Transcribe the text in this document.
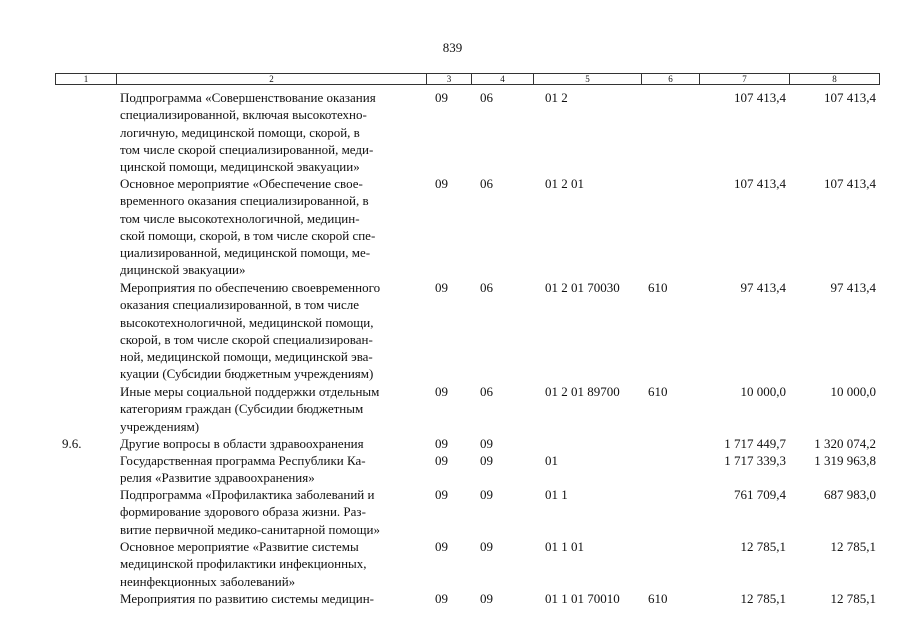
839
1	2	3	4	5	6	7	8
Подпрограмма «Совершенствование оказания
специализированной, включая высокотехно-
логичную, медицинской помощи, скорой, в
том числе скорой специализированной, меди-
цинской помощи, медицинской эвакуации»
09 06	01 2	107 413,4	107 413,4
Основное мероприятие «Обеспечение свое-
временного оказания специализированной, в
том числе высокотехнологичной, медицин-
ской помощи, скорой, в том числе скорой спе-
циализированной, медицинской помощи, ме-
дицинской эвакуации»
09 06	01 2 01	107 413,4	107 413,4
Мероприятия по обеспечению своевременного
оказания специализированной, в том числе
высокотехнологичной, медицинской помощи,
скорой, в том числе скорой специализирован-
ной, медицинской помощи, медицинской эва-
куации (Субсидии бюджетным учреждениям)
09 06	01 2 01 70030 610	97 413,4	97 413,4
Иные меры социальной поддержки отдельным
категориям граждан (Субсидии бюджетным
учреждениям)
09 06	01 2 01 89700 610	10 000,0	10 000,0
9.6.	Другие вопросы в области здравоохранения	09 09	1 717 449,7	1 320 074,2
Государственная программа Республики Ка-
релия «Развитие здравоохранения»
09 09	01	1 717 339,3	1 319 963,8
Подпрограмма «Профилактика заболеваний и
формирование здорового образа жизни. Раз-
витие первичной медико-санитарной помощи»
09 09	01 1	761 709,4	687 983,0
Основное мероприятие «Развитие системы
медицинской профилактики инфекционных,
неинфекционных заболеваний»
09 09	01 1 01	12 785,1	12 785,1
Мероприятия по развитию системы медицин-	09 09	01 1 01 70010 610	12 785,1	12 785,1
